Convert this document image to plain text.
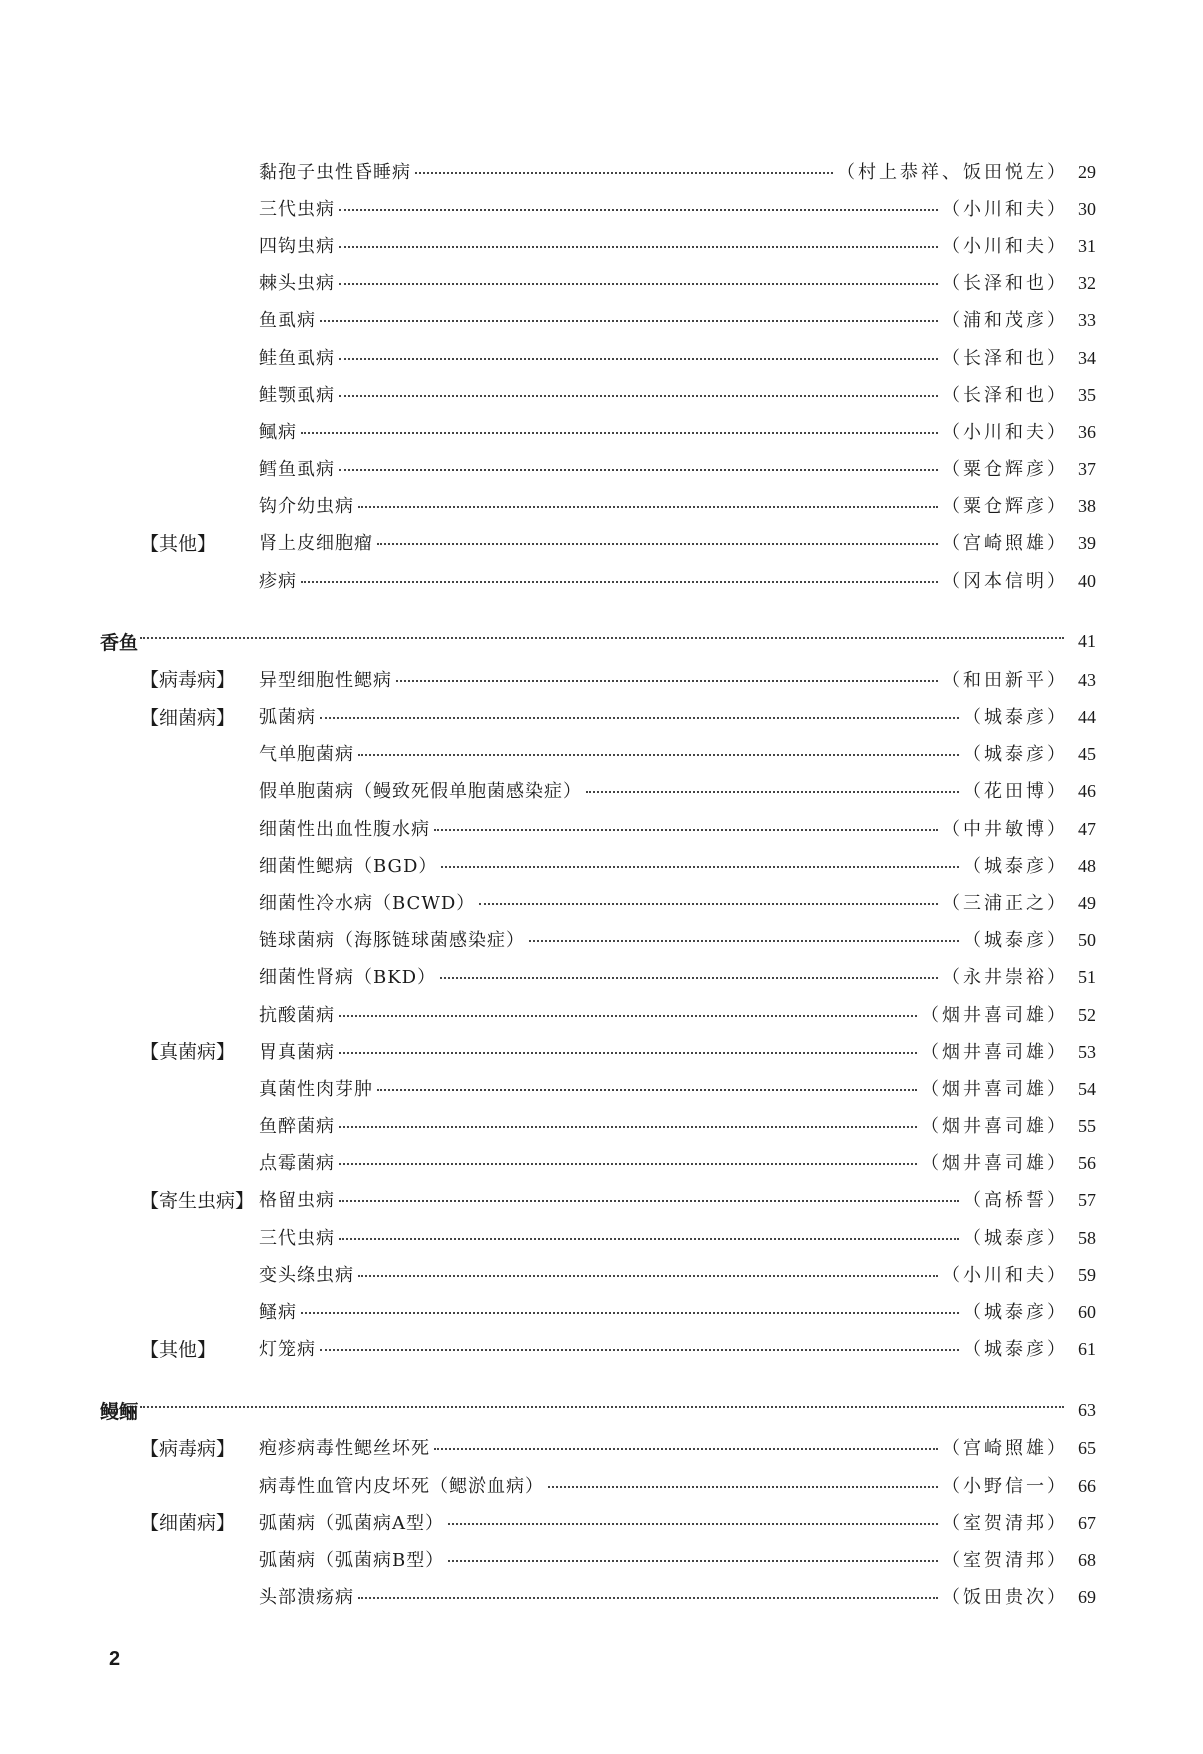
黏孢子虫性昏睡病	（村上恭祥、饭田悦左） 29
三代虫病	（小川和夫） 30
四钩虫病	（小川和夫） 31
棘头虫病	（长泽和也） 32
鱼虱病	（浦和茂彦） 33
鲑鱼虱病	（长泽和也） 34
鲑颚虱病	（长泽和也） 35
鲺病	（小川和夫） 36
鳕鱼虱病	（粟仓辉彦） 37
钩介幼虫病	（粟仓辉彦） 38
【其他】	肾上皮细胞瘤	（宫崎照雄） 39
疹病	（冈本信明） 40
香鱼	41
【病毒病】	异型细胞性鳃病	（和田新平） 43
【细菌病】	弧菌病	（城泰彦） 44
气单胞菌病	（城泰彦） 45
假单胞菌病（鳗致死假单胞菌感染症）	（花田博） 46
细菌性出血性腹水病	（中井敏博） 47
细菌性鳃病（BGD）	（城泰彦） 48
细菌性冷水病（BCWD）	（三浦正之） 49
链球菌病（海豚链球菌感染症）	（城泰彦） 50
细菌性肾病（BKD）	（永井崇裕） 51
抗酸菌病	（烟井喜司雄） 52
【真菌病】	胃真菌病	（烟井喜司雄） 53
真菌性肉芽肿	（烟井喜司雄） 54
鱼醉菌病	（烟井喜司雄） 55
点霉菌病	（烟井喜司雄） 56
【寄生虫病】 格留虫病	（高桥誓） 57
三代虫病	（城泰彦） 58
变头绦虫病	（小川和夫） 59
鳋病	（城泰彦） 60
【其他】	灯笼病	（城泰彦） 61
鳗鲡	63
【病毒病】	疱疹病毒性鳃丝坏死	（宫崎照雄） 65
病毒性血管内皮坏死（鳃淤血病）	（小野信一） 66
【细菌病】	弧菌病（弧菌病A型）	（室贺清邦） 67
弧菌病（弧菌病B型）	（室贺清邦） 68
头部溃疡病	（饭田贵次） 69
2
